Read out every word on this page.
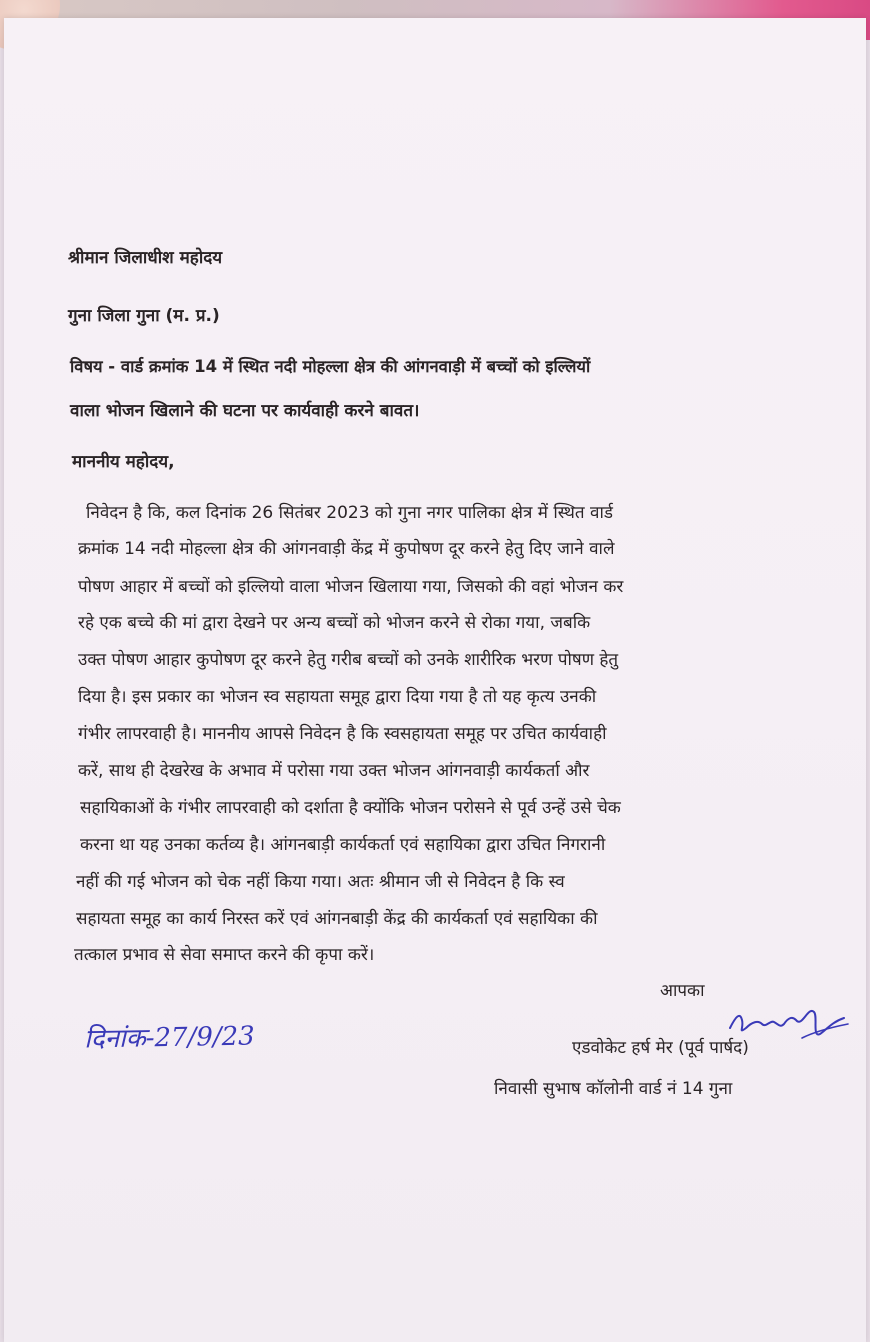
श्रीमान जिलाधीश महोदय
गुना जिला गुना (म. प्र.)
विषय - वार्ड क्रमांक 14 में स्थित नदी मोहल्ला क्षेत्र की आंगनवाड़ी में बच्चों को इल्लियों
वाला भोजन खिलाने की घटना पर कार्यवाही करने बावत।
माननीय महोदय,
निवेदन है कि, कल दिनांक 26 सितंबर 2023 को गुना नगर पालिका क्षेत्र में स्थित वार्ड
क्रमांक 14 नदी मोहल्ला क्षेत्र की आंगनवाड़ी केंद्र में कुपोषण दूर करने हेतु दिए जाने वाले
पोषण आहार में बच्चों को इल्लियो वाला भोजन खिलाया गया, जिसको की वहां भोजन कर
रहे एक बच्चे की मां द्वारा देखने पर अन्य बच्चों को भोजन करने से रोका गया, जबकि
उक्त पोषण आहार कुपोषण दूर करने हेतु गरीब बच्चों को उनके शारीरिक भरण पोषण हेतु
दिया है। इस प्रकार का भोजन स्व सहायता समूह द्वारा दिया गया है तो यह कृत्य उनकी
गंभीर लापरवाही है। माननीय आपसे निवेदन है कि स्वसहायता समूह पर उचित कार्यवाही
करें, साथ ही देखरेख के अभाव में परोसा गया उक्त भोजन आंगनवाड़ी कार्यकर्ता और
सहायिकाओं के गंभीर लापरवाही को दर्शाता है क्योंकि भोजन परोसने से पूर्व उन्हें उसे चेक
करना था यह उनका कर्तव्य है। आंगनबाड़ी कार्यकर्ता एवं सहायिका द्वारा उचित निगरानी
नहीं की गई भोजन को चेक नहीं किया गया। अतः श्रीमान जी से निवेदन है कि स्व
सहायता समूह का कार्य निरस्त करें एवं आंगनबाड़ी केंद्र की कार्यकर्ता एवं सहायिका की
तत्काल प्रभाव से सेवा समाप्त करने की कृपा करें।
आपका
दिनांक-27/9/23	एडवोकेट हर्ष मेर (पूर्व पार्षद)
निवासी सुभाष कॉलोनी वार्ड नं 14 गुना
